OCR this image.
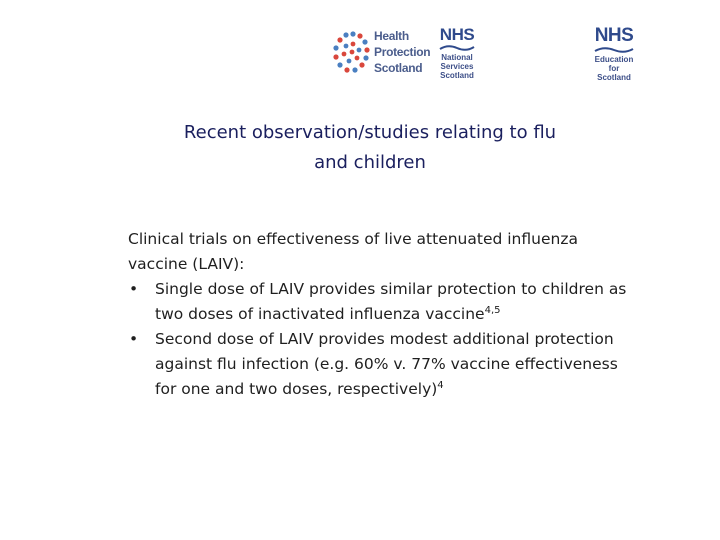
Health
Protection
Scotland
NHS
National
Services
Scotland
NHS
Education
for
Scotland
Recent observation/studies relating to flu
and children

Clinical trials on effectiveness of live attenuated influenza vaccine (LAIV):

• Single dose of LAIV provides similar protection to children as two doses of inactivated influenza vaccine$^{4,5}$
• Second dose of LAIV provides modest additional protection against flu infection (e.g. 60% v. 77% vaccine effectiveness for one and two doses, respectively)$^4$
